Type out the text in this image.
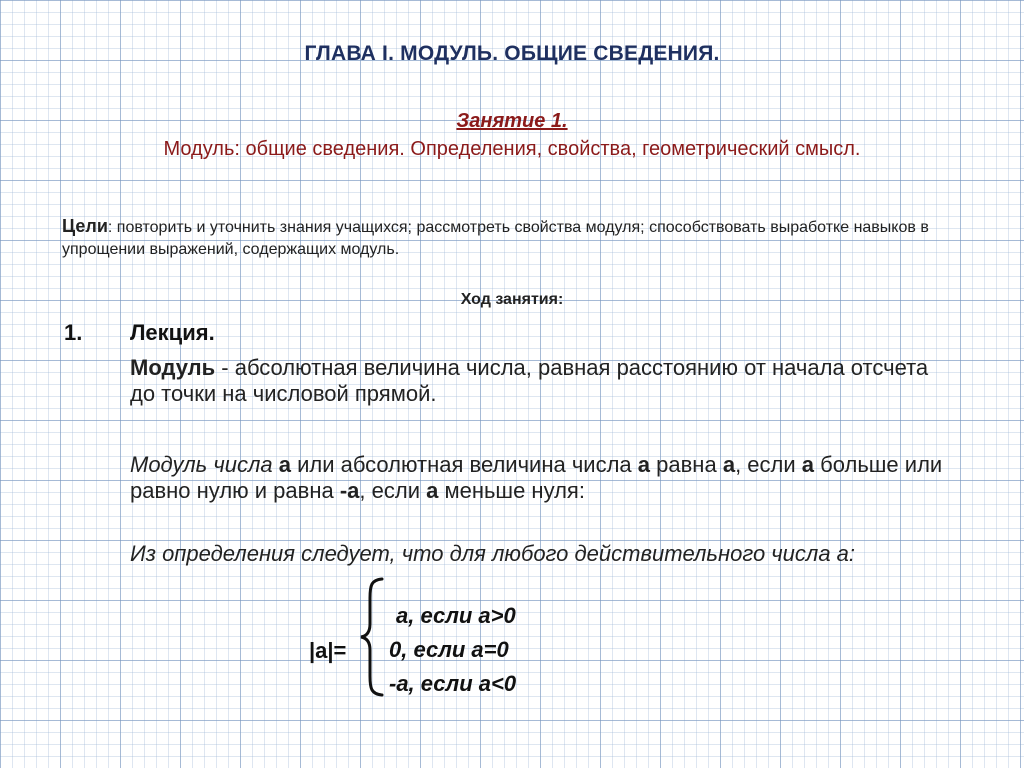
ГЛАВА I. МОДУЛЬ. ОБЩИЕ СВЕДЕНИЯ.
Занятие 1.
Модуль: общие сведения. Определения, свойства, геометрический смысл.
Цели: повторить и уточнить знания учащихся; рассмотреть свойства модуля; способствовать выработке навыков в упрощении выражений, содержащих модуль.
Ход занятия:
1. Лекция.
Модуль - абсолютная величина числа, равная расстоянию от начала отсчета до точки на числовой прямой.
Модуль числа а или абсолютная величина числа а равна а, если а больше или равно нулю и равна -а, если а меньше нуля:
Из определения следует, что для любого действительного числа а:
|а|=
а, если а>0
0, если а=0
-а, если а<0
